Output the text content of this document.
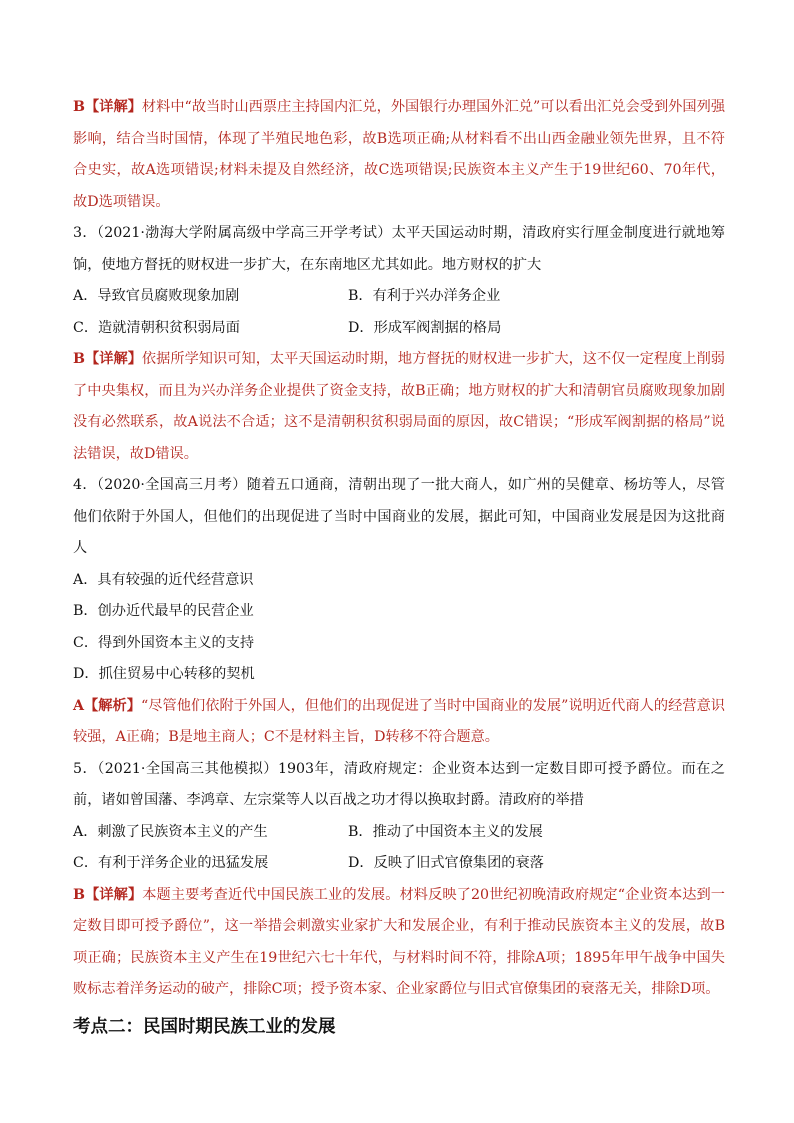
B【详解】材料中“故当时山西票庄主持国内汇兑，外国银行办理国外汇兑”可以看出汇兑会受到外国列强影响，结合当时国情，体现了半殖民地色彩，故B选项正确;从材料看不出山西金融业领先世界，且不符合史实，故A选项错误;材料未提及自然经济，故C选项错误;民族资本主义产生于19世纪60、70年代，故D选项错误。

3．（2021·渤海大学附属高级中学高三开学考试）太平天国运动时期，清政府实行厘金制度进行就地筹饷，使地方督抚的财权进一步扩大，在东南地区尤其如此。地方财权的扩大

A．导致官员腐败现象加剧	B．有利于兴办洋务企业
C．造就清朝积贫积弱局面	D．形成军阀割据的格局

B【详解】依据所学知识可知，太平天国运动时期，地方督抚的财权进一步扩大，这不仅一定程度上削弱了中央集权，而且为兴办洋务企业提供了资金支持，故B正确；地方财权的扩大和清朝官员腐败现象加剧没有必然联系，故A说法不合适；这不是清朝积贫积弱局面的原因，故C错误；“形成军阀割据的格局”说法错误，故D错误。

4．（2020·全国高三月考）随着五口通商，清朝出现了一批大商人，如广州的吴健章、杨坊等人，尽管他们依附于外国人，但他们的出现促进了当时中国商业的发展，据此可知，中国商业发展是因为这批商人

A．具有较强的近代经营意识

B．创办近代最早的民营企业

C．得到外国资本主义的支持

D．抓住贸易中心转移的契机

A【解析】“尽管他们依附于外国人，但他们的出现促进了当时中国商业的发展”说明近代商人的经营意识较强，A正确；B是地主商人；C不是材料主旨，D转移不符合题意。

5．（2021·全国高三其他模拟）1903年，清政府规定：企业资本达到一定数目即可授予爵位。而在之前，诸如曾国藩、李鸿章、左宗棠等人以百战之功才得以换取封爵。清政府的举措

A．刺激了民族资本主义的产生	B．推动了中国资本主义的发展
C．有利于洋务企业的迅猛发展	D．反映了旧式官僚集团的衰落

B【详解】本题主要考查近代中国民族工业的发展。材料反映了20世纪初晚清政府规定“企业资本达到一定数目即可授予爵位”，这一举措会刺激实业家扩大和发展企业，有利于推动民族资本主义的发展，故B项正确；民族资本主义产生在19世纪六七十年代，与材料时间不符，排除A项；1895年甲午战争中国失败标志着洋务运动的破产，排除C项；授予资本家、企业家爵位与旧式官僚集团的衰落无关，排除D项。

考点二：民国时期民族工业的发展
